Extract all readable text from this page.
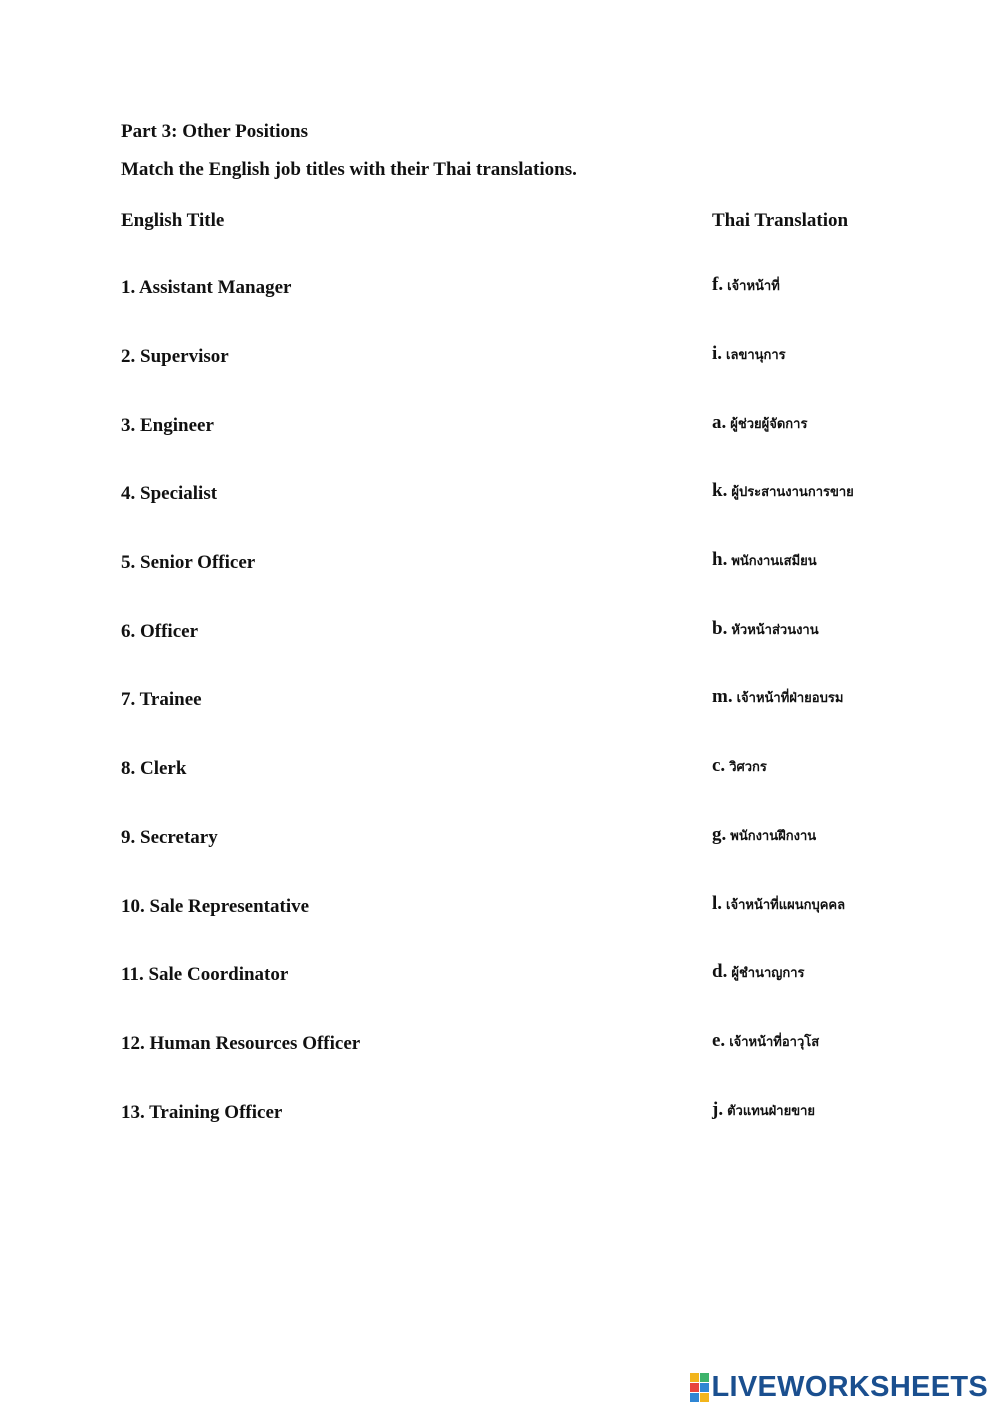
Part 3: Other Positions
Match the English job titles with their Thai translations.
English Title	Thai Translation
1. Assistant Manager	f. เจ้าหน้าที่
2. Supervisor	i. เลขานุการ
3. Engineer	a. ผู้ช่วยผู้จัดการ
4. Specialist	k. ผู้ประสานงานการขาย
5. Senior Officer	h. พนักงานเสมียน
6. Officer	b. หัวหน้าส่วนงาน
7. Trainee	m. เจ้าหน้าที่ฝ่ายอบรม
8. Clerk	c. วิศวกร
9. Secretary	g. พนักงานฝึกงาน
10. Sale Representative	l. เจ้าหน้าที่แผนกบุคคล
11. Sale Coordinator	d. ผู้ชำนาญการ
12. Human Resources Officer	e. เจ้าหน้าที่อาวุโส
13. Training Officer	j. ตัวแทนฝ่ายขาย
LIVEWORKSHEETS
